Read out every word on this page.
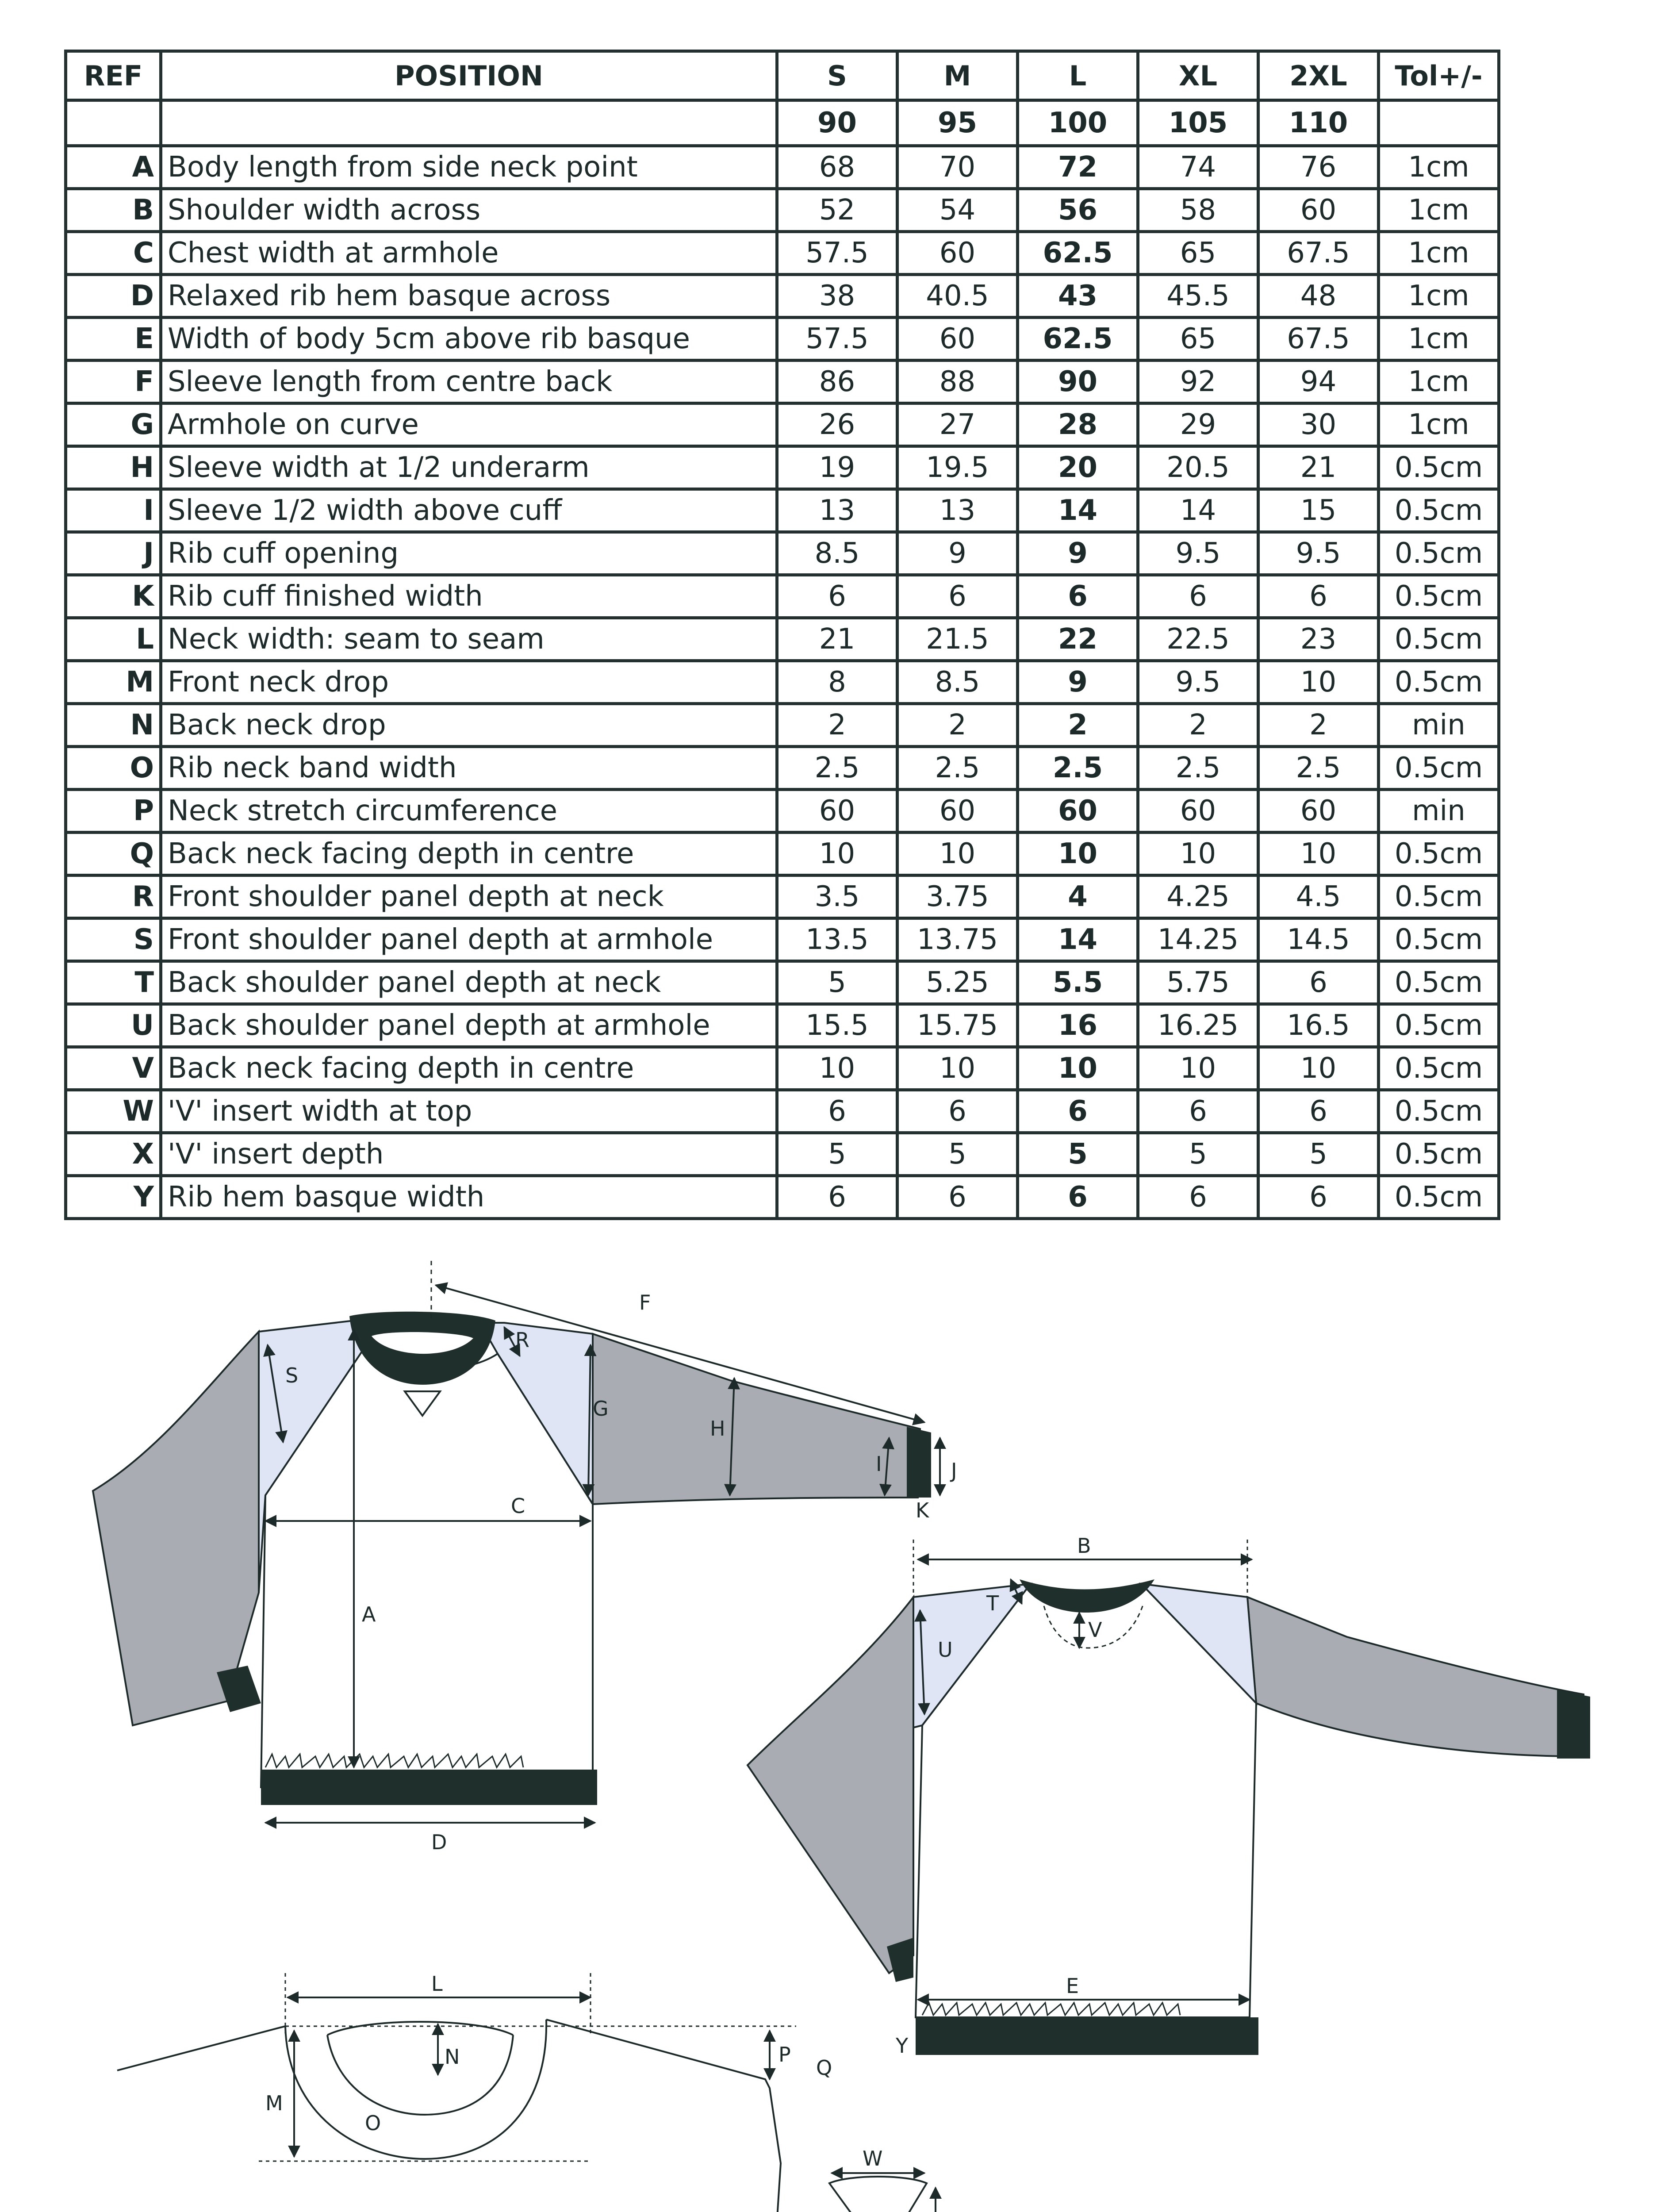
REF	POSITION	S	M	L	XL	2XL	Tol+/-
		90	95	100	105	110	
A	Body length from side neck point	68	70	72	74	76	1cm
B	Shoulder width across	52	54	56	58	60	1cm
C	Chest width at armhole	57.5	60	62.5	65	67.5	1cm
D	Relaxed rib hem basque across	38	40.5	43	45.5	48	1cm
E	Width of body 5cm above rib basque	57.5	60	62.5	65	67.5	1cm
F	Sleeve length from centre back	86	88	90	92	94	1cm
G	Armhole on curve	26	27	28	29	30	1cm
H	Sleeve width at 1/2 underarm	19	19.5	20	20.5	21	0.5cm
I	Sleeve 1/2 width above cuff	13	13	14	14	15	0.5cm
J	Rib cuff opening	8.5	9	9	9.5	9.5	0.5cm
K	Rib cuff finished width	6	6	6	6	6	0.5cm
L	Neck width: seam to seam	21	21.5	22	22.5	23	0.5cm
M	Front neck drop	8	8.5	9	9.5	10	0.5cm
N	Back neck drop	2	2	2	2	2	min
O	Rib neck band width	2.5	2.5	2.5	2.5	2.5	0.5cm
P	Neck stretch circumference	60	60	60	60	60	min
Q	Back neck facing depth in centre	10	10	10	10	10	0.5cm
R	Front shoulder panel depth at neck	3.5	3.75	4	4.25	4.5	0.5cm
S	Front shoulder panel depth at armhole	13.5	13.75	14	14.25	14.5	0.5cm
T	Back shoulder panel depth at neck	5	5.25	5.5	5.75	6	0.5cm
U	Back shoulder panel depth at armhole	15.5	15.75	16	16.25	16.5	0.5cm
V	Back neck facing depth in centre	10	10	10	10	10	0.5cm
W	'V' insert width at top	6	6	6	6	6	0.5cm
X	'V' insert depth	5	5	5	5	5	0.5cm
Y	Rib hem basque width	6	6	6	6	6	0.5cm
A
C
D
F
S
R
G
H
I	J
K
B
T
U
V
E
Y
L
M
N
O
P
Q
W
